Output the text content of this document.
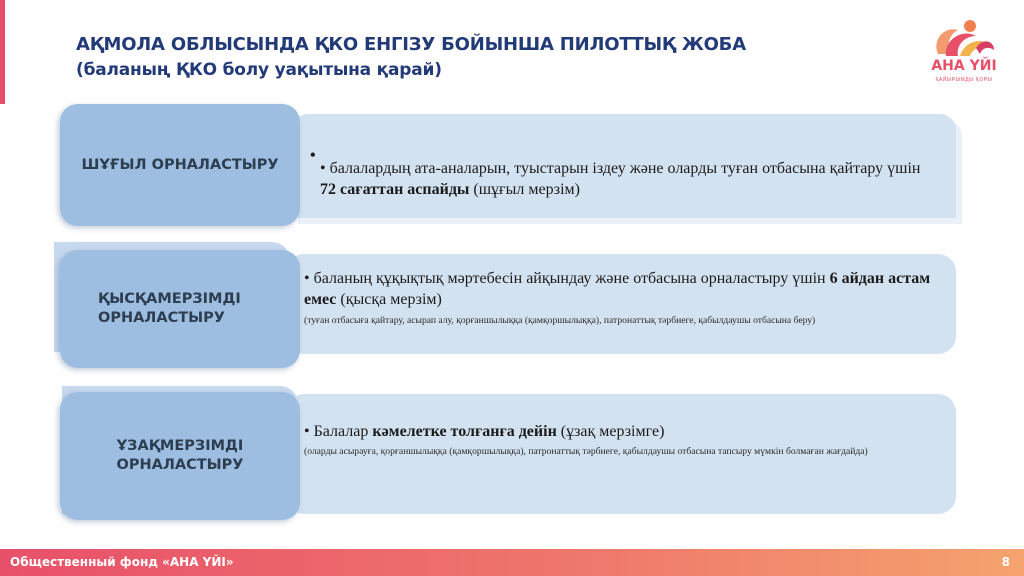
АҚМОЛА ОБЛЫСЫНДА ҚКО ЕНГІЗУ БОЙЫНША ПИЛОТТЫҚ ЖОБА
(баланың ҚКО болу уақытына қарай)	АНА ҮЙІ
ҚАЙЫРЫМДЫ ҚОРЫ
ШҰҒЫЛ ОРНАЛАСТЫРУ
•
• балалардың ата-аналарын, туыстарын іздеу және оларды туған отбасына қайтару үшін 72 сағаттан аспайды (шұғыл мерзім)
ҚЫСҚАМЕРЗІМДІ
ОРНАЛАСТЫРУ
• баланың құқықтық мәртебесін айқындау және отбасына орналастыру үшін 6 айдан астам емес (қысқа мерзім)
(туған отбасыға қайтару, асырап алу, қорғаншылыққа (қамқоршылыққа), патронаттық тәрбиеге, қабылдаушы отбасына беру)
ҰЗАҚМЕРЗІМДІ
ОРНАЛАСТЫРУ
• Балалар кәмелетке толғанға дейін (ұзақ мерзімге)
(оларды асырауға, қорғаншылыққа (қамқоршылыққа), патронаттық тәрбиеге, қабылдаушы отбасына тапсыру мүмкін болмаған жағдайда)
Общественный фонд «АНА ҮЙІ»	8
